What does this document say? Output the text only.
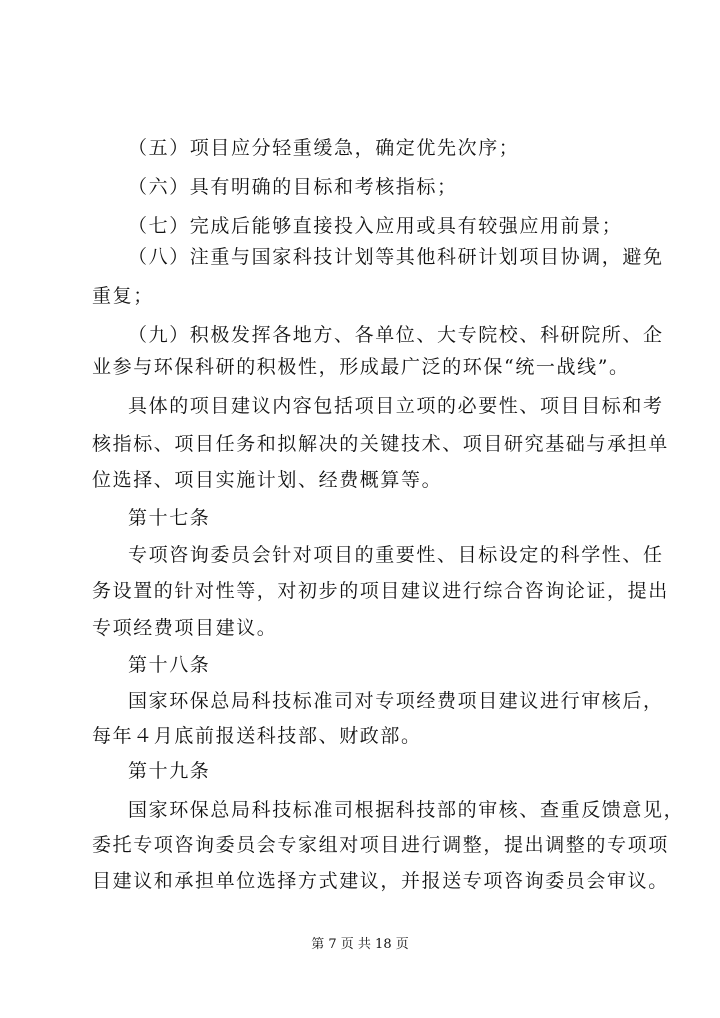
（五）项目应分轻重缓急，确定优先次序；
（六）具有明确的目标和考核指标；
（七）完成后能够直接投入应用或具有较强应用前景；
（八）注重与国家科技计划等其他科研计划项目协调，避免
重复；
（九）积极发挥各地方、各单位、大专院校、科研院所、企
业参与环保科研的积极性，形成最广泛的环保“统一战线”。
具体的项目建议内容包括项目立项的必要性、项目目标和考
核指标、项目任务和拟解决的关键技术、项目研究基础与承担单
位选择、项目实施计划、经费概算等。
第十七条
专项咨询委员会针对项目的重要性、目标设定的科学性、任
务设置的针对性等，对初步的项目建议进行综合咨询论证，提出
专项经费项目建议。
第十八条
国家环保总局科技标准司对专项经费项目建议进行审核后，
每年４月底前报送科技部、财政部。
第十九条
国家环保总局科技标准司根据科技部的审核、查重反馈意见，
委托专项咨询委员会专家组对项目进行调整，提出调整的专项项
目建议和承担单位选择方式建议，并报送专项咨询委员会审议。
第 7 页 共 18 页
